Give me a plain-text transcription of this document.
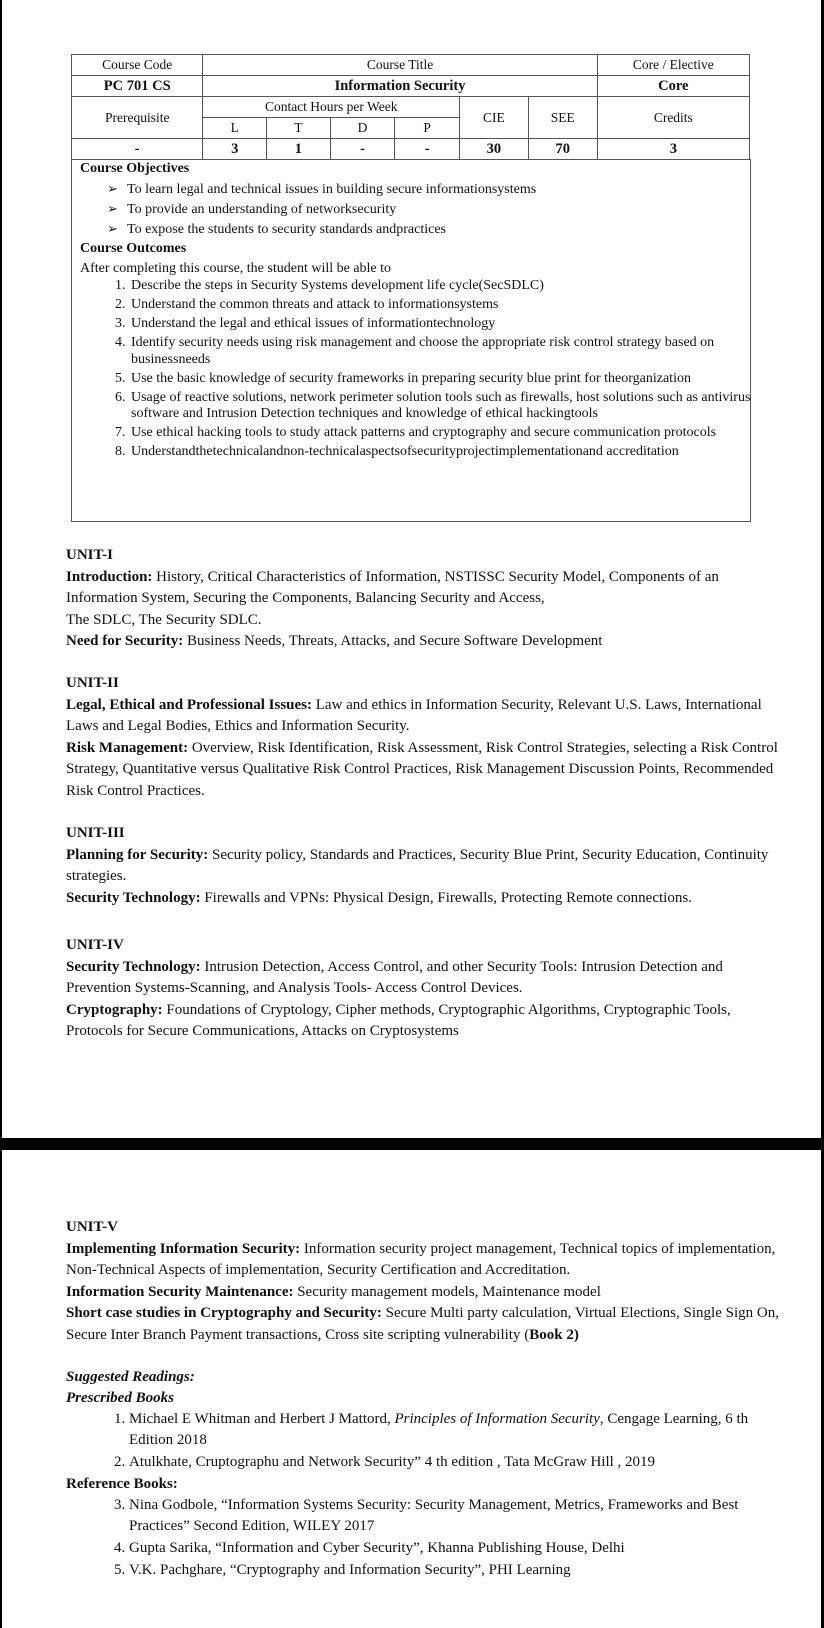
Course Code	Course Title						Core / Elective
PC 701 CS	Information Security						Core
Prerequisite	Contact Hours per Week				CIE	SEE	Credits
	L	T	D	P			
-	3	1	-	-	30	70	3
Course Objectives
➢ To learn legal and technical issues in building secure informationsystems
➢ To provide an understanding of networksecurity
➢ To expose the students to security standards andpractices
Course Outcomes
After completing this course, the student will be able to
1. Describe the steps in Security Systems development life cycle(SecSDLC)
2. Understand the common threats and attack to informationsystems
3. Understand the legal and ethical issues of informationtechnology
4. Identify security needs using risk management and choose the appropriate risk control strategy based on businessneeds
5. Use the basic knowledge of security frameworks in preparing security blue print for theorganization
6. Usage of reactive solutions, network perimeter solution tools such as firewalls, host solutions such as antivirus software and Intrusion Detection techniques and knowledge of ethical hackingtools
7. Use ethical hacking tools to study attack patterns and cryptography and secure communication protocols
8. Understandthetechnicalandnon-technicalaspectsofsecurityprojectimplementationand accreditation

UNIT-I

Introduction: History, Critical Characteristics of Information, NSTISSC Security Model, Components of an Information System, Securing the Components, Balancing Security and Access,

The SDLC, The Security SDLC.

Need for Security: Business Needs, Threats, Attacks, and Secure Software Development

UNIT-II

Legal, Ethical and Professional Issues: Law and ethics in Information Security, Relevant U.S. Laws, International Laws and Legal Bodies, Ethics and Information Security.

Risk Management: Overview, Risk Identification, Risk Assessment, Risk Control Strategies, selecting a Risk Control Strategy, Quantitative versus Qualitative Risk Control Practices, Risk Management Discussion Points, Recommended Risk Control Practices.

UNIT-III

Planning for Security: Security policy, Standards and Practices, Security Blue Print, Security Education, Continuity strategies.

Security Technology: Firewalls and VPNs: Physical Design, Firewalls, Protecting Remote connections.

UNIT-IV

Security Technology: Intrusion Detection, Access Control, and other Security Tools: Intrusion Detection and Prevention Systems-Scanning, and Analysis Tools- Access Control Devices.

Cryptography: Foundations of Cryptology, Cipher methods, Cryptographic Algorithms, Cryptographic Tools, Protocols for Secure Communications, Attacks on Cryptosystems

UNIT-V

Implementing Information Security: Information security project management, Technical topics of implementation, Non-Technical Aspects of implementation, Security Certification and Accreditation.

Information Security Maintenance: Security management models, Maintenance model

Short case studies in Cryptography and Security: Secure Multi party calculation, Virtual Elections, Single Sign On, Secure Inter Branch Payment transactions, Cross site scripting vulnerability (Book 2)

Suggested Readings:
Prescribed Books
1. Michael E Whitman and Herbert J Mattord, Principles of Information Security, Cengage Learning, 6 th Edition 2018
2. Atulkhate, Cruptographu and Network Security” 4 th edition , Tata McGraw Hill , 2019
Reference Books:
3. Nina Godbole, “Information Systems Security: Security Management, Metrics, Frameworks and Best Practices” Second Edition, WILEY 2017
4. Gupta Sarika, “Information and Cyber Security”, Khanna Publishing House, Delhi
5. V.K. Pachghare, “Cryptography and Information Security”, PHI Learning
